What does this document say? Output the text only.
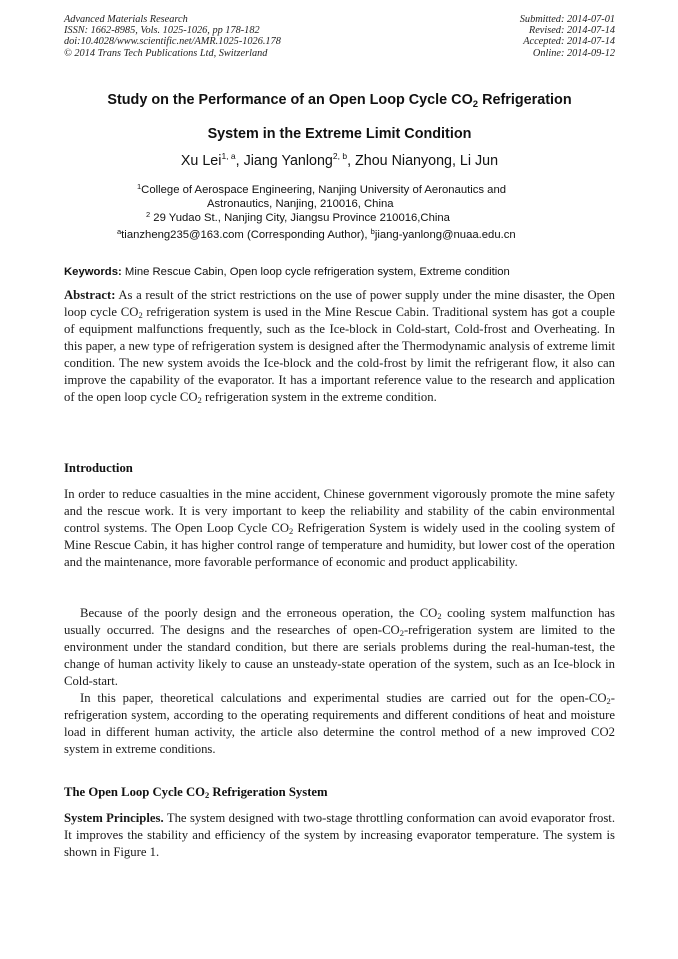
Advanced Materials Research
ISSN: 1662-8985, Vols. 1025-1026, pp 178-182
doi:10.4028/www.scientific.net/AMR.1025-1026.178
© 2014 Trans Tech Publications Ltd, Switzerland
Submitted: 2014-07-01
Revised: 2014-07-14
Accepted: 2014-07-14
Online: 2014-09-12
Study on the Performance of an Open Loop Cycle $CO_2$ Refrigeration
System in the Extreme Limit Condition
Xu Lei$^{1, a}$, Jiang Yanlong$^{2, b}$, Zhou Nianyong, Li Jun
$^1$College of Aerospace Engineering, Nanjing University of Aeronautics and
Astronautics, Nanjing, 210016, China
$^2$ 29 Yudao St., Nanjing City, Jiangsu Province 210016,China
$^a$tianzheng235@163.com (Corresponding Author), $^b$jiang-yanlong@nuaa.edu.cn
Keywords: Mine Rescue Cabin, Open loop cycle refrigeration system, Extreme condition
Abstract: As a result of the strict restrictions on the use of power supply under the mine disaster, the Open loop cycle $CO_2$ refrigeration system is used in the Mine Rescue Cabin. Traditional system has got a couple of equipment malfunctions frequently, such as the Ice-block in Cold-start, Cold-frost and Overheating. In this paper, a new type of refrigeration system is designed after the Thermodynamic analysis of extreme limit condition. The new system avoids the Ice-block and the cold-frost by limit the refrigerant flow, it also can improve the capability of the evaporator. It has a important reference value to the research and application of the open loop cycle $CO_2$ refrigeration system in the extreme condition.
Introduction
In order to reduce casualties in the mine accident, Chinese government vigorously promote the mine safety and the rescue work. It is very important to keep the reliability and stability of the cabin environmental control systems. The Open Loop Cycle $CO_2$ Refrigeration System is widely used in the cooling system of Mine Rescue Cabin, it has higher control range of temperature and humidity, but lower cost of the operation and the maintenance, more favorable performance of economic and product applicability.
Because of the poorly design and the erroneous operation, the $CO_2$ cooling system malfunction has usually occurred. The designs and the researches of open-$CO_2$-refrigeration system are limited to the environment under the standard condition, but there are serials problems during the real-human-test, the change of human activity likely to cause an unsteady-state operation of the system, such as an Ice-block in Cold-start.
In this paper, theoretical calculations and experimental studies are carried out for the open-$CO_2$-refrigeration system, according to the operating requirements and different conditions of heat and moisture load in different human activity, the article also determine the control method of a new improved CO2 system in extreme conditions.
The Open Loop Cycle $CO_2$ Refrigeration System
System Principles. The system designed with two-stage throttling conformation can avoid evaporator frost. It improves the stability and efficiency of the system by increasing evaporator temperature. The system is shown in Figure 1.
